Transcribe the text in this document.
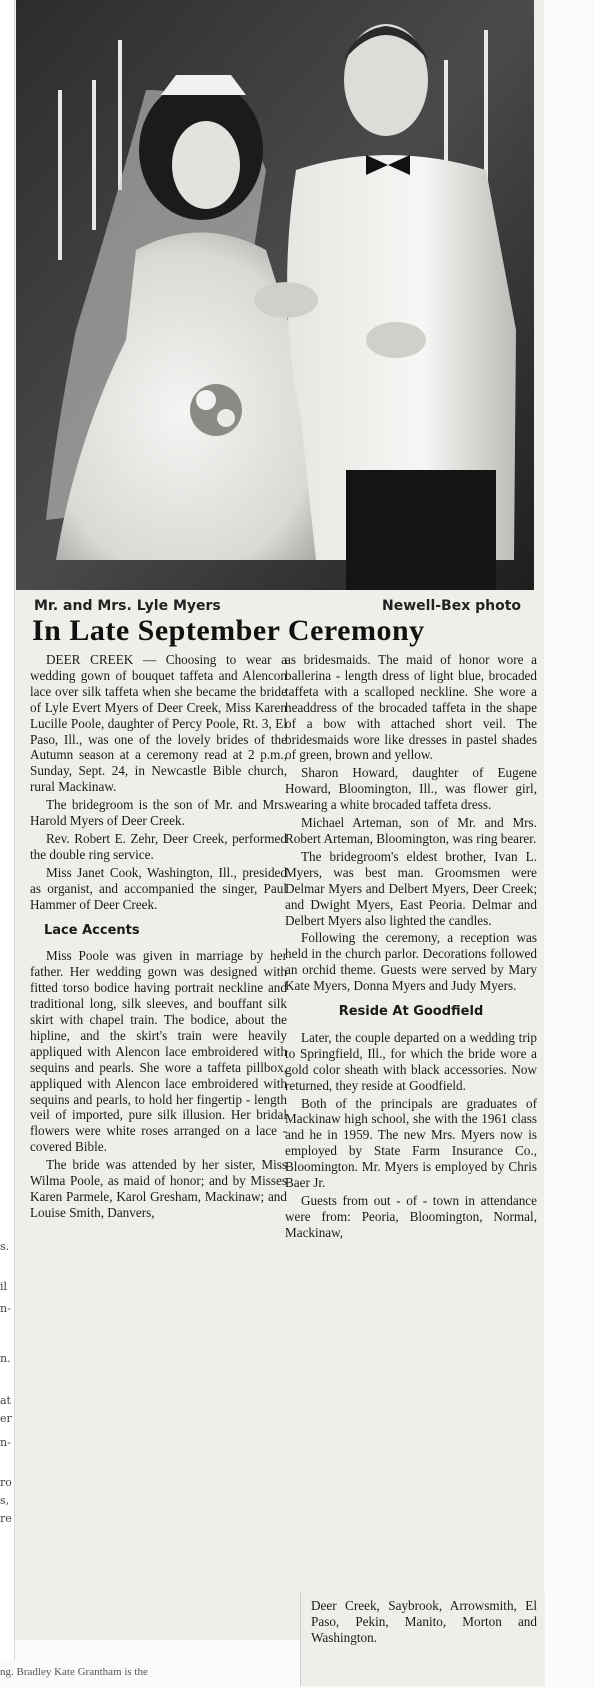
s.
il
n-
n.
at
er
n-
ro
s,
re
Mr. and Mrs. Lyle Myers	Newell-Bex photo
In Late September Ceremony

DEER CREEK — Choosing to wear a wedding gown of bouquet taffeta and Alencon lace over silk taffeta when she became the bride of Lyle Evert Myers of Deer Creek, Miss Karen Lucille Poole, daughter of Percy Poole, Rt. 3, El Paso, Ill., was one of the lovely brides of the Autumn season at a ceremony read at 2 p.m., Sunday, Sept. 24, in Newcastle Bible church, rural Mackinaw.

The bridegroom is the son of Mr. and Mrs. Harold Myers of Deer Creek.

Rev. Robert E. Zehr, Deer Creek, performed the double ring service.

Miss Janet Cook, Washington, Ill., presided as organist, and accompanied the singer, Paul Hammer of Deer Creek.

Lace Accents

Miss Poole was given in marriage by her father. Her wedding gown was designed with fitted torso bodice having portrait neckline and traditional long, silk sleeves, and bouffant silk skirt with chapel train. The bodice, about the hipline, and the skirt's train were heavily appliqued with Alencon lace embroidered with sequins and pearls. She wore a taffeta pillbox, appliqued with Alencon lace embroidered with sequins and pearls, to hold her fingertip - length veil of imported, pure silk illusion. Her bridal flowers were white roses arranged on a lace - covered Bible.

The bride was attended by her sister, Miss Wilma Poole, as maid of honor; and by Misses Karen Parmele, Karol Gresham, Mackinaw; and Louise Smith, Danvers,

as bridesmaids. The maid of honor wore a ballerina - length dress of light blue, brocaded taffeta with a scalloped neckline. She wore a headdress of the brocaded taffeta in the shape of a bow with attached short veil. The bridesmaids wore like dresses in pastel shades of green, brown and yellow.

Sharon Howard, daughter of Eugene Howard, Bloomington, Ill., was flower girl, wearing a white brocaded taffeta dress.

Michael Arteman, son of Mr. and Mrs. Robert Arteman, Bloomington, was ring bearer.

The bridegroom's eldest brother, Ivan L. Myers, was best man. Groomsmen were Delmar Myers and Delbert Myers, Deer Creek; and Dwight Myers, East Peoria. Delmar and Delbert Myers also lighted the candles.

Following the ceremony, a reception was held in the church parlor. Decorations followed an orchid theme. Guests were served by Mary Kate Myers, Donna Myers and Judy Myers.

Reside At Goodfield

Later, the couple departed on a wedding trip to Springfield, Ill., for which the bride wore a gold color sheath with black accessories. Now returned, they reside at Goodfield.

Both of the principals are graduates of Mackinaw high school, she with the 1961 class and he in 1959. The new Mrs. Myers now is employed by State Farm Insurance Co., Bloomington. Mr. Myers is employed by Chris Baer Jr.

Guests from out - of - town in attendance were from: Peoria, Bloomington, Normal, Mackinaw,

Deer Creek, Saybrook, Arrowsmith, El Paso, Pekin, Manito, Morton and Washington.
ng. Bradley Kate Grantham is the
